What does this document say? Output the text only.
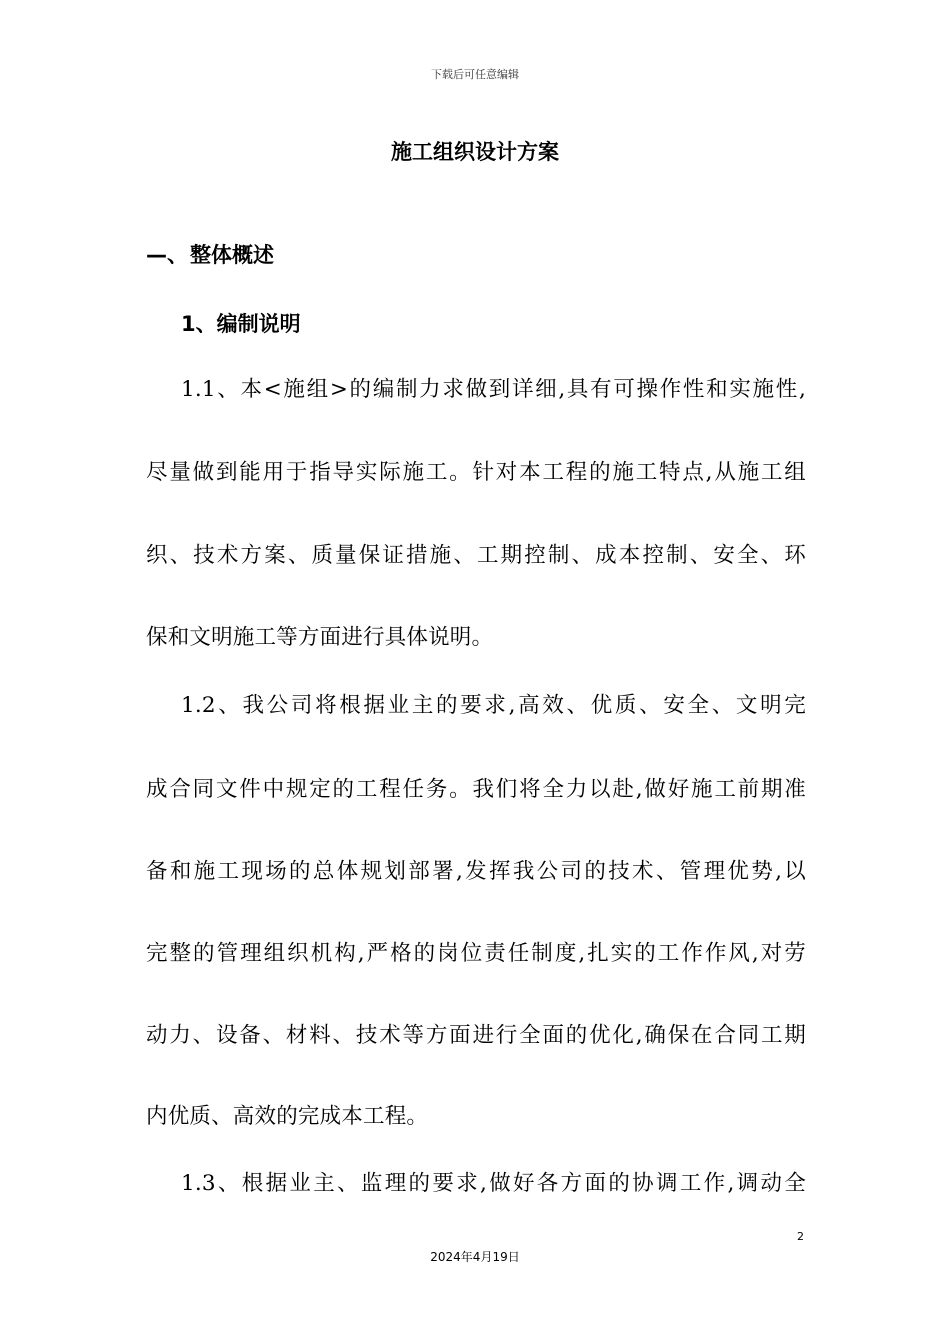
下载后可任意编辑
施工组织设计方案
—、整体概述
1、编制说明
1.1、本<施组>的编制力求做到详细,具有可操作性和实施性,
尽量做到能用于指导实际施工。针对本工程的施工特点,从施工组
织、技术方案、质量保证措施、工期控制、成本控制、安全、环
保和文明施工等方面进行具体说明。
1.2、我公司将根据业主的要求,高效、优质、安全、文明完
成合同文件中规定的工程任务。我们将全力以赴,做好施工前期准
备和施工现场的总体规划部署,发挥我公司的技术、管理优势,以
完整的管理组织机构,严格的岗位责任制度,扎实的工作作风,对劳
动力、设备、材料、技术等方面进行全面的优化,确保在合同工期
内优质、高效的完成本工程。
1.3、根据业主、监理的要求,做好各方面的协调工作,调动全
2
2024年4月19日
